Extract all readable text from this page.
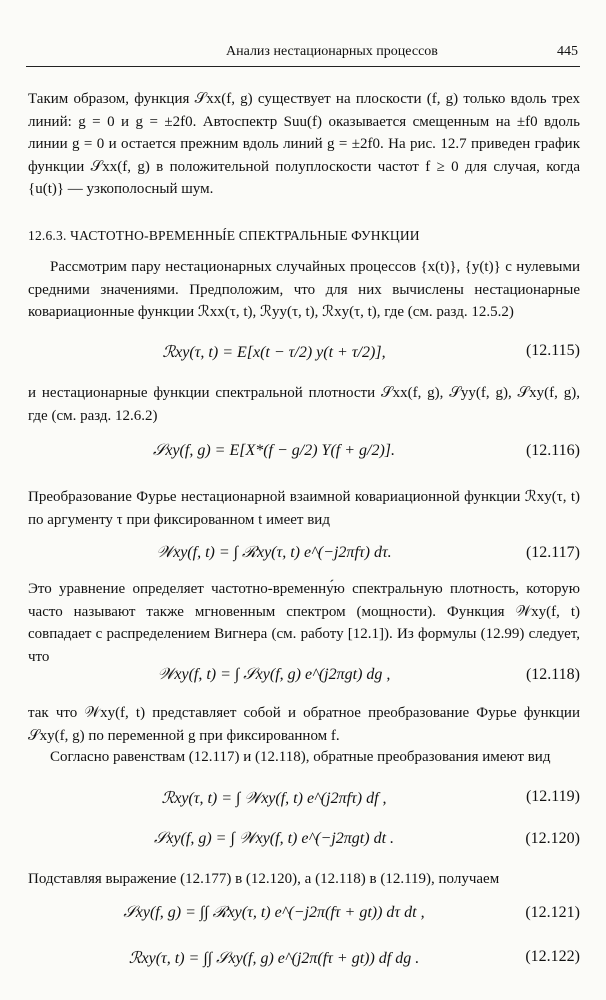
Анализ нестационарных процессов	445

Таким образом, функция 𝒮xx(f, g) существует на плоскости (f, g) только вдоль трех линий: g = 0 и g = ±2f0. Автоспектр Suu(f) оказывается смещенным на ±f0 вдоль линии g = 0 и остается прежним вдоль линий g = ±2f0. На рис. 12.7 приведен график функции 𝒮xx(f, g) в положительной полуплоскости частот f ≥ 0 для случая, когда {u(t)} — узкополосный шум.

12.6.3. ЧАСТОТНО-ВРЕМЕННЫ́Е СПЕКТРАЛЬНЫЕ ФУНКЦИИ

Рассмотрим пару нестационарных случайных процессов {x(t)}, {y(t)} с нулевыми средними значениями. Предположим, что для них вычислены нестационарные ковариационные функции ℛxx(τ, t), ℛyy(τ, t), ℛxy(τ, t), где (см. разд. 12.5.2)

ℛxy(τ, t) = E[x(t − τ/2) y(t + τ/2)],	(12.115)

и нестационарные функции спектральной плотности 𝒮xx(f, g), 𝒮yy(f, g), 𝒮xy(f, g), где (см. разд. 12.6.2)

𝒮xy(f, g) = E[X*(f − g/2) Y(f + g/2)].	(12.116)

Преобразование Фурье нестационарной взаимной ковариационной функции ℛxy(τ, t) по аргументу τ при фиксированном t имеет вид

𝒲xy(f, t) = ∫ ℛxy(τ, t) e^(−j2πfτ) dτ.	(12.117)

Это уравнение определяет частотно-временну́ю спектральную плотность, которую часто называют также мгновенным спектром (мощности). Функция 𝒲xy(f, t) совпадает с распределением Вигнера (см. работу [12.1]). Из формулы (12.99) следует, что

𝒲xy(f, t) = ∫ 𝒮xy(f, g) e^(j2πgt) dg ,	(12.118)

так что 𝒲xy(f, t) представляет собой и обратное преобразование Фурье функции 𝒮xy(f, g) по переменной g при фиксированном f.

Согласно равенствам (12.117) и (12.118), обратные преобразования имеют вид

ℛxy(τ, t) = ∫ 𝒲xy(f, t) e^(j2πfτ) df ,	(12.119)
𝒮xy(f, g) = ∫ 𝒲xy(f, t) e^(−j2πgt) dt .	(12.120)

Подставляя выражение (12.177) в (12.120), а (12.118) в (12.119), получаем

𝒮xy(f, g) = ∫∫ ℛxy(τ, t) e^(−j2π(fτ + gt)) dτ dt ,	(12.121)
ℛxy(τ, t) = ∫∫ 𝒮xy(f, g) e^(j2π(fτ + gt)) df dg .	(12.122)
